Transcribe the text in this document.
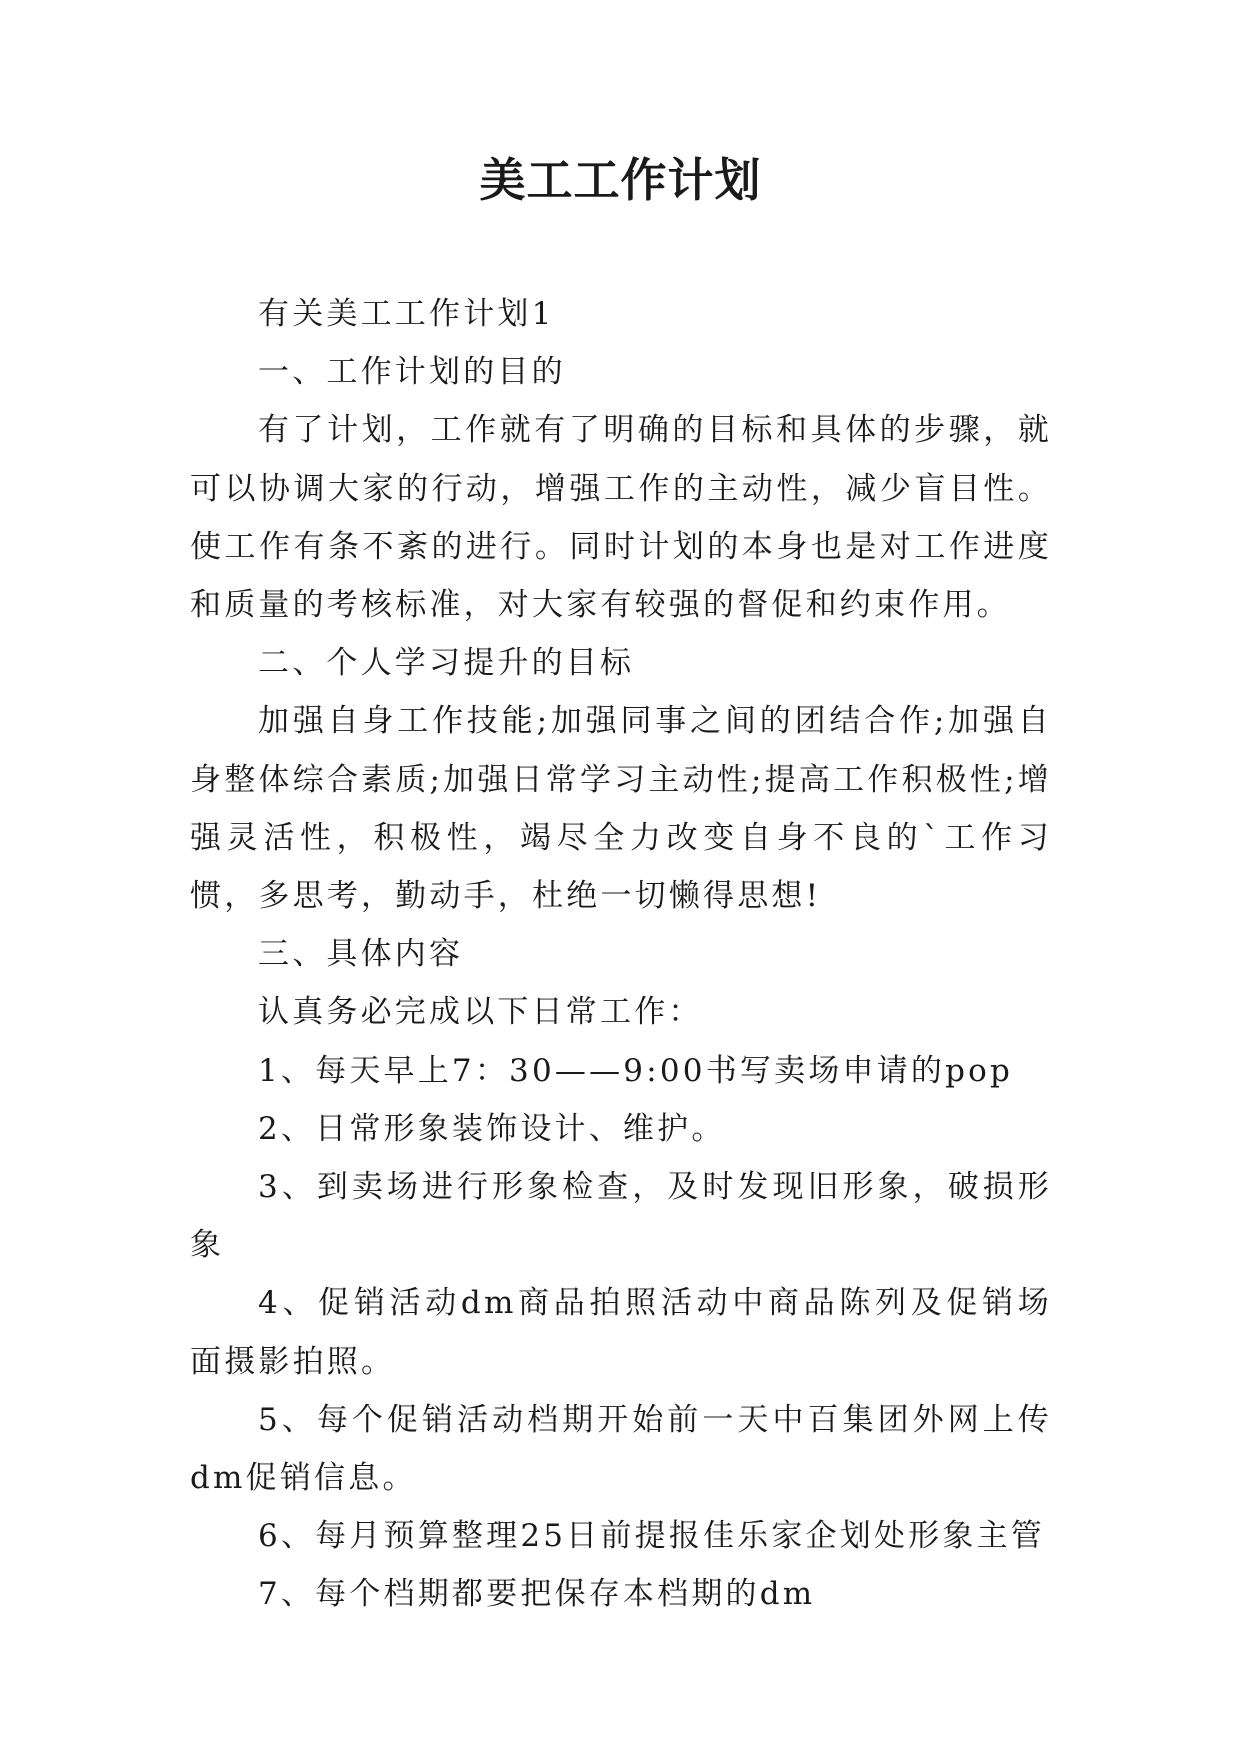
美工工作计划

有关美工工作计划1

一、工作计划的目的

有了计划，工作就有了明确的目标和具体的步骤，就可以协调大家的行动，增强工作的主动性，减少盲目性。使工作有条不紊的进行。同时计划的本身也是对工作进度和质量的考核标准，对大家有较强的督促和约束作用。

二、个人学习提升的目标

加强自身工作技能;加强同事之间的团结合作;加强自身整体综合素质;加强日常学习主动性;提高工作积极性;增强灵活性，积极性，竭尽全力改变自身不良的`工作习惯，多思考，勤动手，杜绝一切懒得思想!

三、具体内容

认真务必完成以下日常工作：

1、每天早上7：30——9:00书写卖场申请的pop

2、日常形象装饰设计、维护。

3、到卖场进行形象检查，及时发现旧形象，破损形象

4、促销活动dm商品拍照活动中商品陈列及促销场面摄影拍照。

5、每个促销活动档期开始前一天中百集团外网上传dm促销信息。

6、每月预算整理25日前提报佳乐家企划处形象主管

7、每个档期都要把保存本档期的dm
